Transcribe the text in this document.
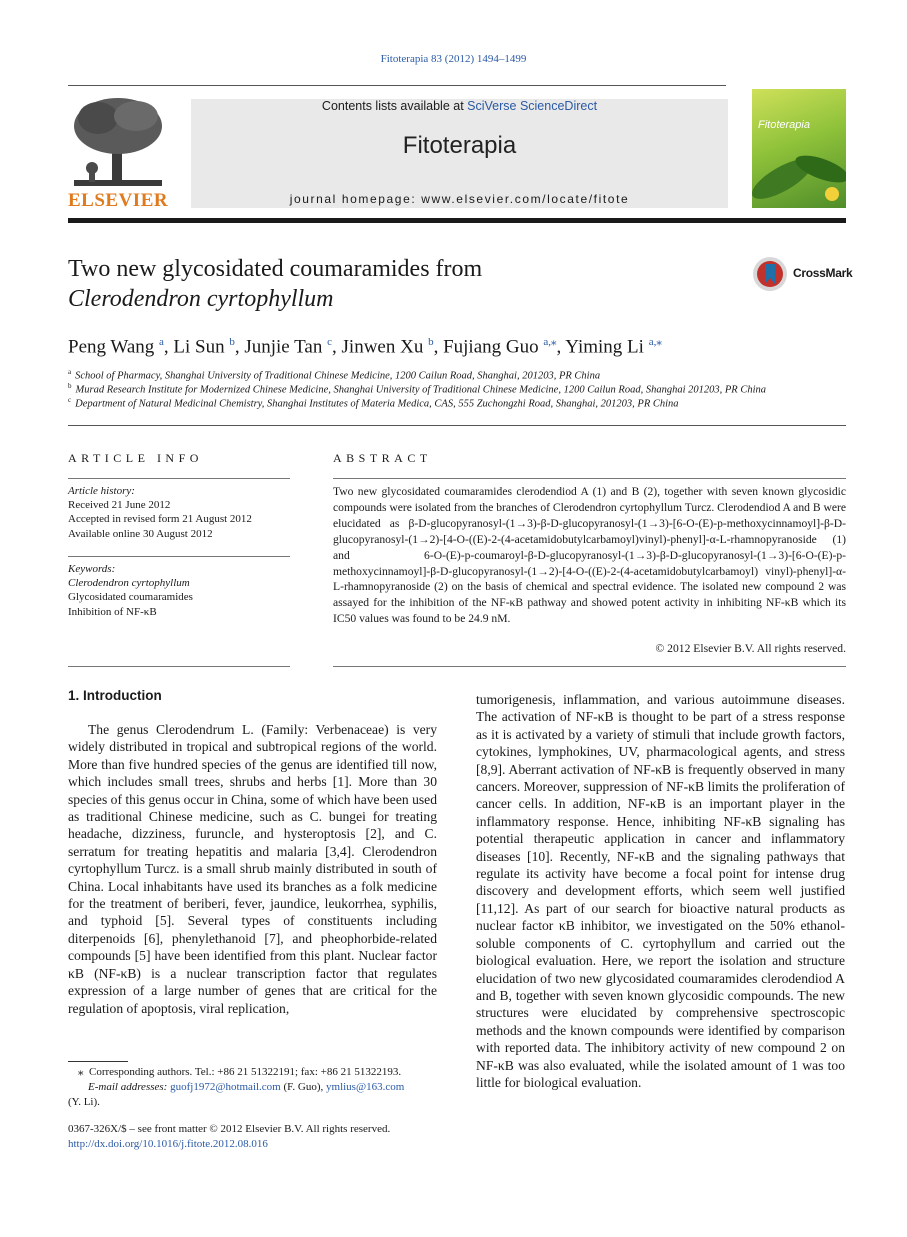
Fitoterapia 83 (2012) 1494–1499
ELSEVIER
Contents lists available at SciVerse ScienceDirect
Fitoterapia
journal homepage: www.elsevier.com/locate/fitote
Fitoterapia
Two new glycosidated coumaramides from
Clerodendron cyrtophyllum
CrossMark
Peng Wang $^a$, Li Sun $^b$, Junjie Tan $^c$, Jinwen Xu $^b$, Fujiang Guo $^{a,⁎}$, Yiming Li $^{a,⁎}$
$^a$ School of Pharmacy, Shanghai University of Traditional Chinese Medicine, 1200 Cailun Road, Shanghai, 201203, PR China
$^b$ Murad Research Institute for Modernized Chinese Medicine, Shanghai University of Traditional Chinese Medicine, 1200 Cailun Road, Shanghai 201203, PR China
$^c$ Department of Natural Medicinal Chemistry, Shanghai Institutes of Materia Medica, CAS, 555 Zuchongzhi Road, Shanghai, 201203, PR China
ARTICLE INFO
Article history:
Received 21 June 2012
Accepted in revised form 21 August 2012
Available online 30 August 2012
Keywords:
Clerodendron cyrtophyllum
Glycosidated coumaramides
Inhibition of NF-κB
ABSTRACT
Two new glycosidated coumaramides clerodendiod A (1) and B (2), together with seven known glycosidic compounds were isolated from the branches of Clerodendron cyrtophyllum Turcz. Clerodendiod A and B were elucidated as β-D-glucopyranosyl-(1→3)-β-D-glucopyranosyl-(1→3)-[6-O-(E)-p-methoxycinnamoyl]-β-D-glucopyranosyl-(1→2)-[4-O-((E)-2-(4-acetamidobutylcarbamoyl)vinyl)-phenyl]-α-L-rhamnopyranoside (1) and 6-O-(E)-p-coumaroyl-β-D-glucopyranosyl-(1→3)-β-D-glucopyranosyl-(1→3)-[6-O-(E)-p-methoxycinnamoyl]-β-D-glucopyranosyl-(1→2)-[4-O-((E)-2-(4-acetamidobutylcarbamoyl) vinyl)-phenyl]-α-L-rhamnopyranoside (2) on the basis of chemical and spectral evidence. The isolated new compound 2 was assayed for the inhibition of the NF-κB pathway and showed potent activity in inhibiting NF-κB which its IC50 values was found to be 24.9 nM.
© 2012 Elsevier B.V. All rights reserved.
1. Introduction
The genus Clerodendrum L. (Family: Verbenaceae) is very widely distributed in tropical and subtropical regions of the world. More than five hundred species of the genus are identified till now, which includes small trees, shrubs and herbs [1]. More than 30 species of this genus occur in China, some of which have been used as traditional Chinese medicine, such as C. bungei for treating headache, dizziness, furuncle, and hysteroptosis [2], and C. serratum for treating hepatitis and malaria [3,4]. Clerodendron cyrtophyllum Turcz. is a small shrub mainly distributed in south of China. Local inhabitants have used its branches as a folk medicine for the treatment of beriberi, fever, jaundice, leukorrhea, syphilis, and typhoid [5]. Several types of constituents including diterpenoids [6], phenylethanoid [7], and pheophorbide-related compounds [5] have been identified from this plant. Nuclear factor κB (NF-κB) is a nuclear transcription factor that regulates expression of a large number of genes that are critical for the regulation of apoptosis, viral replication,
tumorigenesis, inflammation, and various autoimmune diseases. The activation of NF-κB is thought to be part of a stress response as it is activated by a variety of stimuli that include growth factors, cytokines, lymphokines, UV, pharmacological agents, and stress [8,9]. Aberrant activation of NF-κB is frequently observed in many cancers. Moreover, suppression of NF-κB limits the proliferation of cancer cells. In addition, NF-κB is an important player in the inflammatory response. Hence, inhibiting NF-κB signaling has potential therapeutic application in cancer and inflammatory diseases [10]. Recently, NF-κB and the signaling pathways that regulate its activity have become a focal point for intense drug discovery and development efforts, which seem well justified [11,12]. As part of our search for bioactive natural products as nuclear factor κB inhibitor, we investigated on the 50% ethanol-soluble components of C. cyrtophyllum and carried out the biological evaluation. Here, we report the isolation and structure elucidation of two new glycosidated coumaramides clerodendiod A and B, together with seven known glycosidic compounds. The new structures were elucidated by comprehensive spectroscopic methods and the known compounds were identified by comparison with reported data. The inhibitory activity of new compound 2 on NF-κB was also evaluated, while the isolated amount of 1 was too little for biological evaluation.
⁎  Corresponding authors. Tel.: +86 21 51322191; fax: +86 21 51322193.
E-mail addresses: guofj1972@hotmail.com (F. Guo), ymlius@163.com
(Y. Li).
0367-326X/$ – see front matter © 2012 Elsevier B.V. All rights reserved.
http://dx.doi.org/10.1016/j.fitote.2012.08.016
